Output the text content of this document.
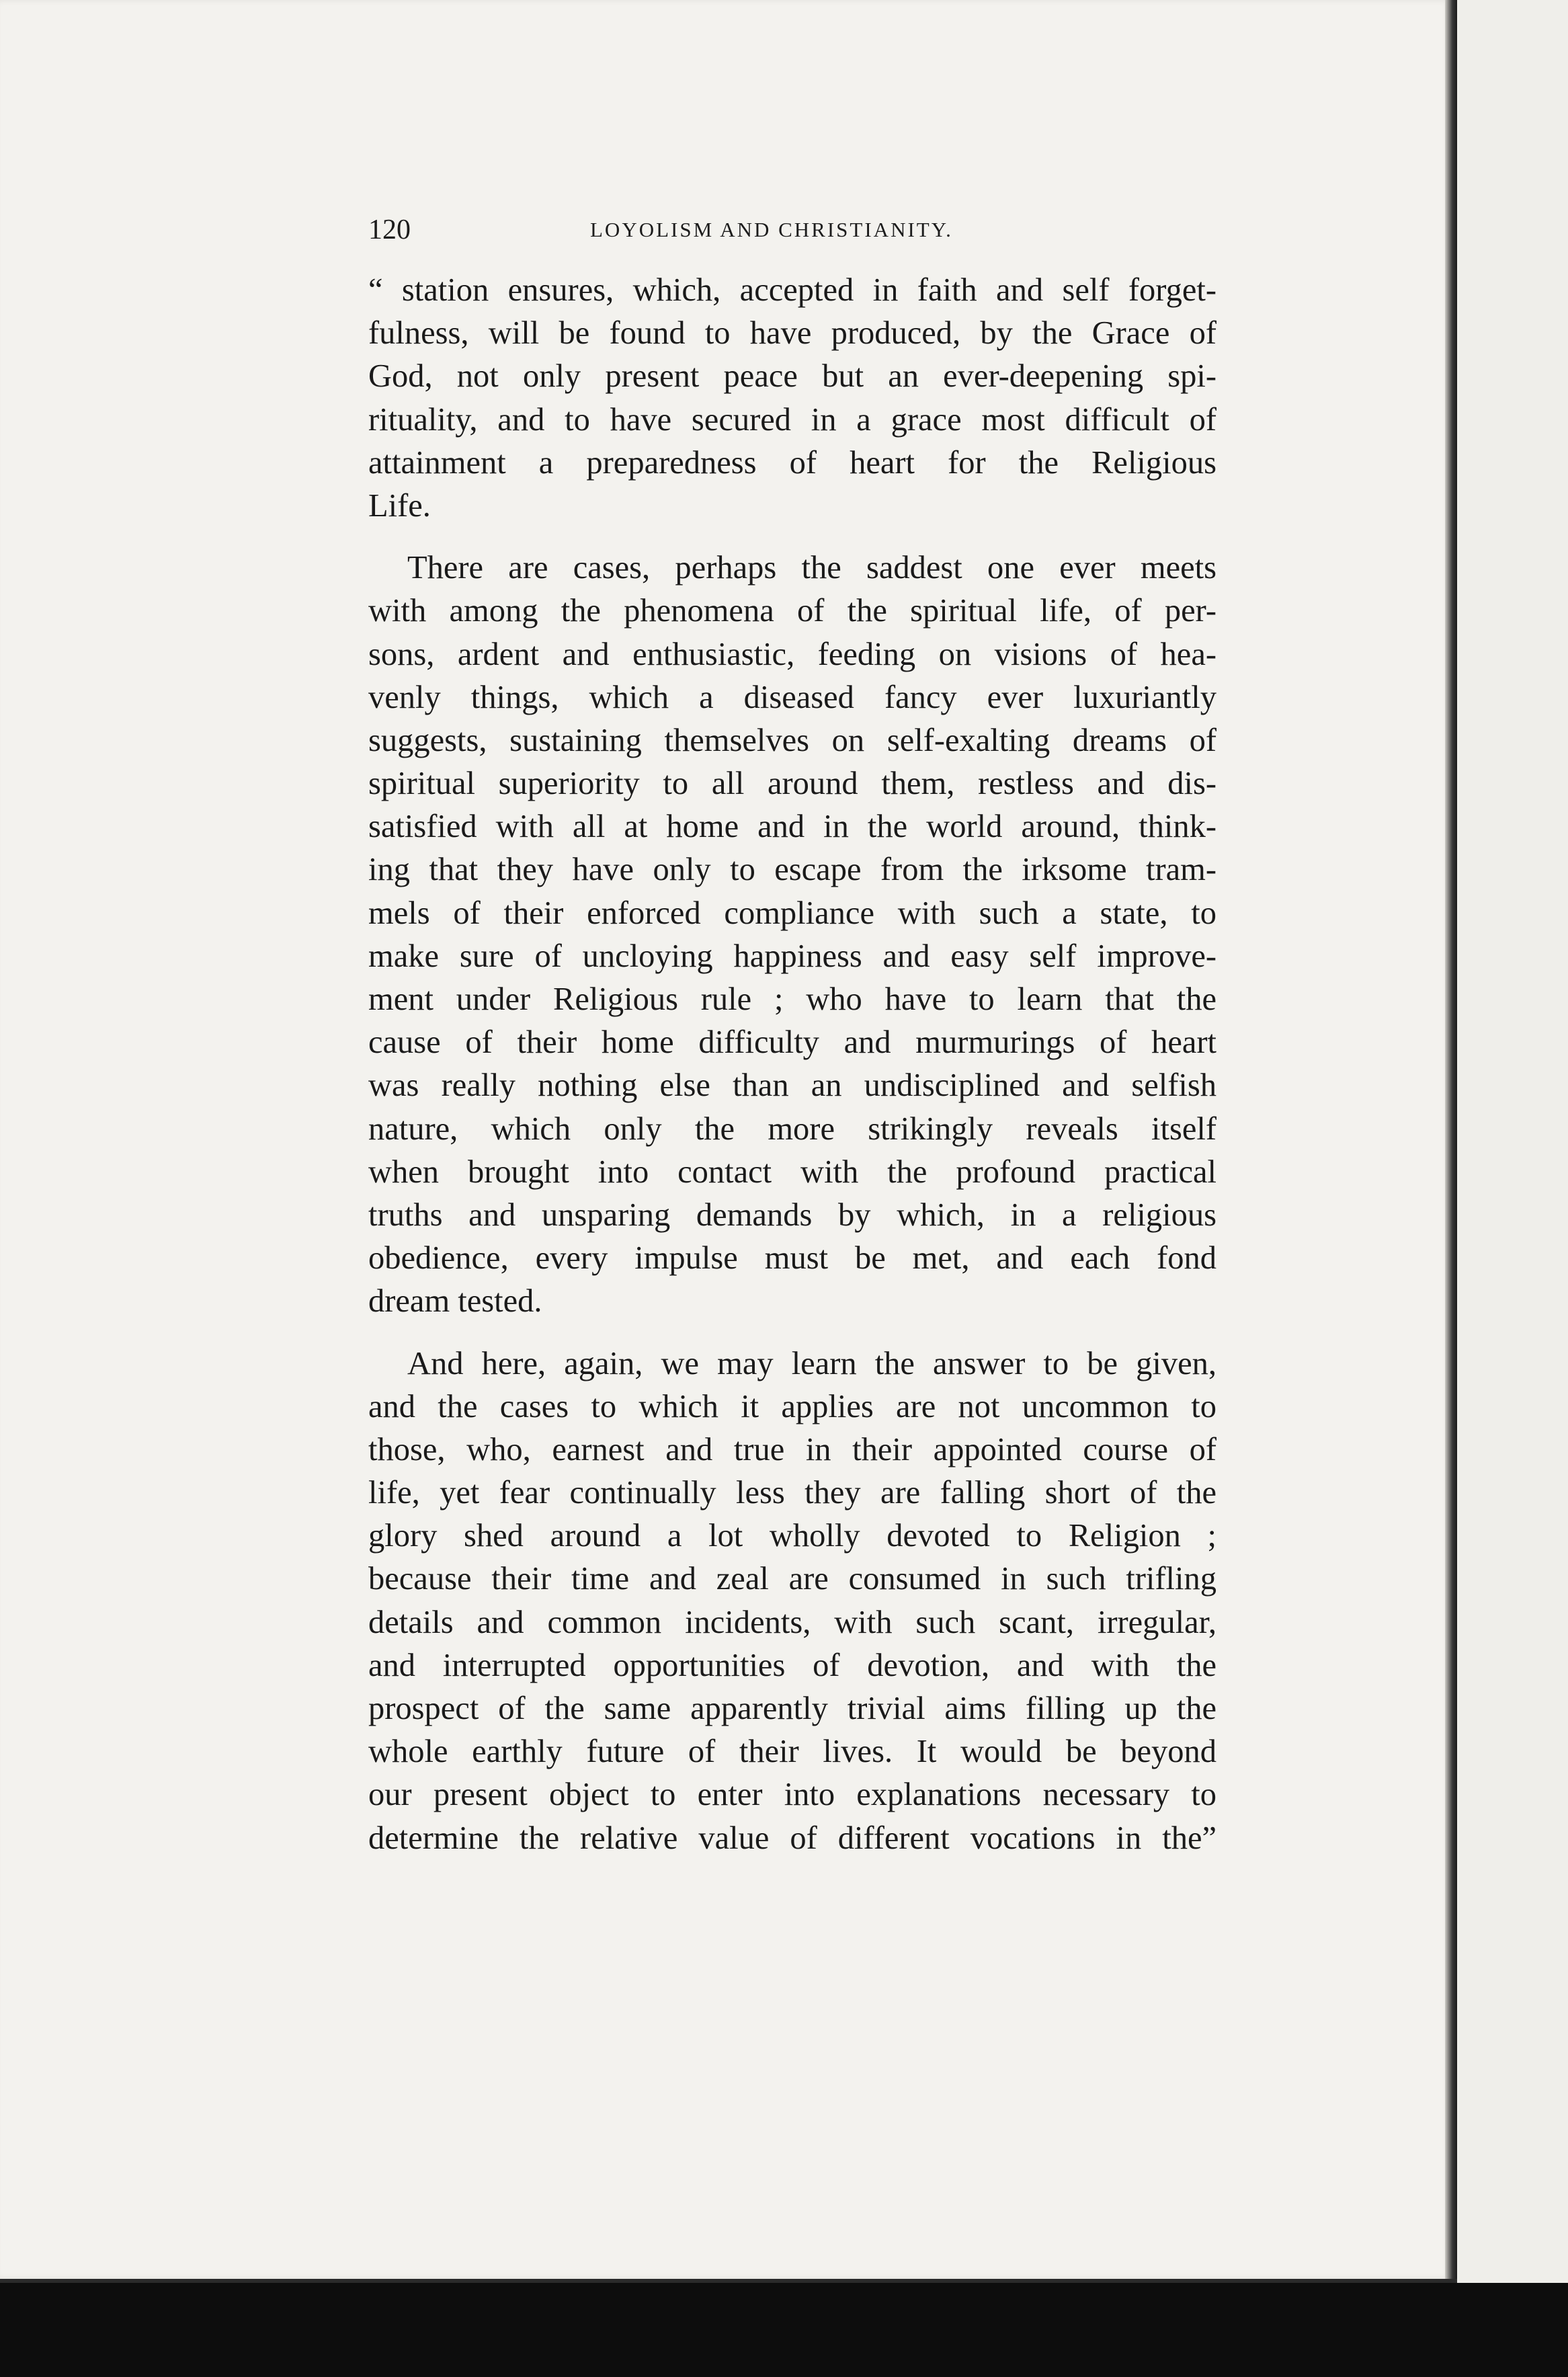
120	LOYOLISM AND CHRISTIANITY.
“ station ensures, which, accepted in faith and self forget-
fulness, will be found to have produced, by the Grace of
God, not only present peace but an ever-deepening spi-
rituality, and to have secured in a grace most difficult of
attainment a preparedness of heart for the Religious
Life.
There are cases, perhaps the saddest one ever meets
with among the phenomena of the spiritual life, of per-
sons, ardent and enthusiastic, feeding on visions of hea-
venly things, which a diseased fancy ever luxuriantly
suggests, sustaining themselves on self-exalting dreams of
spiritual superiority to all around them, restless and dis-
satisfied with all at home and in the world around, think-
ing that they have only to escape from the irksome tram-
mels of their enforced compliance with such a state, to
make sure of uncloying happiness and easy self improve-
ment under Religious rule ; who have to learn that the
cause of their home difficulty and murmurings of heart
was really nothing else than an undisciplined and selfish
nature, which only the more strikingly reveals itself
when brought into contact with the profound practical
truths and unsparing demands by which, in a religious
obedience, every impulse must be met, and each fond
dream tested.
And here, again, we may learn the answer to be given,
and the cases to which it applies are not uncommon to
those, who, earnest and true in their appointed course of
life, yet fear continually less they are falling short of the
glory shed around a lot wholly devoted to Religion ;
because their time and zeal are consumed in such trifling
details and common incidents, with such scant, irregular,
and interrupted opportunities of devotion, and with the
prospect of the same apparently trivial aims filling up the
whole earthly future of their lives. It would be beyond
our present object to enter into explanations necessary to
determine the relative value of different vocations in the”
